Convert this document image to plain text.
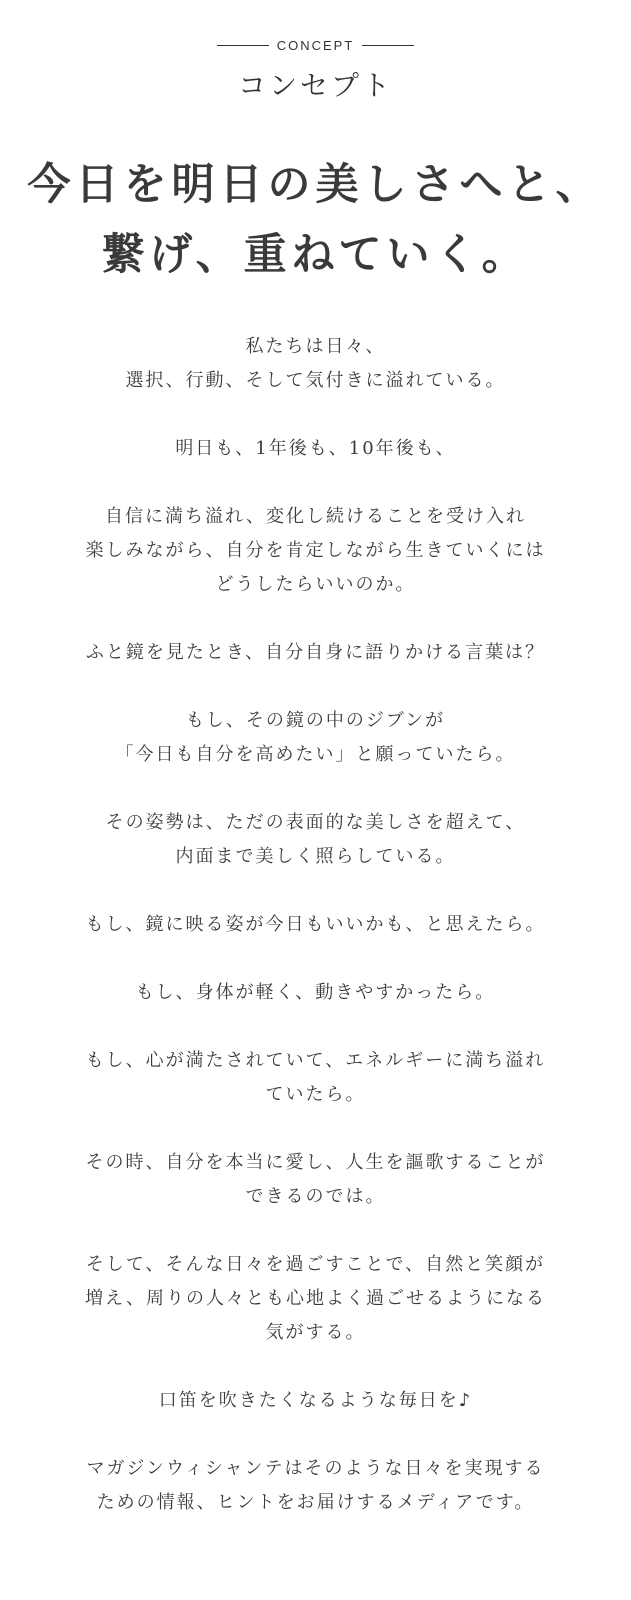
CONCEPT
コンセプト
今日を明日の美しさへと、
繋げ、重ねていく。

私たちは日々、
選択、行動、そして気付きに溢れている。

明日も、1年後も、10年後も、

自信に満ち溢れ、変化し続けることを受け入れ
楽しみながら、自分を肯定しながら生きていくには
どうしたらいいのか。

ふと鏡を見たとき、自分自身に語りかける言葉は？

もし、その鏡の中のジブンが
「今日も自分を高めたい」と願っていたら。

その姿勢は、ただの表面的な美しさを超えて、
内面まで美しく照らしている。

もし、鏡に映る姿が今日もいいかも、と思えたら。

もし、身体が軽く、動きやすかったら。

もし、心が満たされていて、エネルギーに満ち溢れ
ていたら。

その時、自分を本当に愛し、人生を謳歌することが
できるのでは。

そして、そんな日々を過ごすことで、自然と笑顔が
増え、周りの人々とも心地よく過ごせるようになる
気がする。

口笛を吹きたくなるような毎日を♪

マガジンウィシャンテはそのような日々を実現する
ための情報、ヒントをお届けするメディアです。
